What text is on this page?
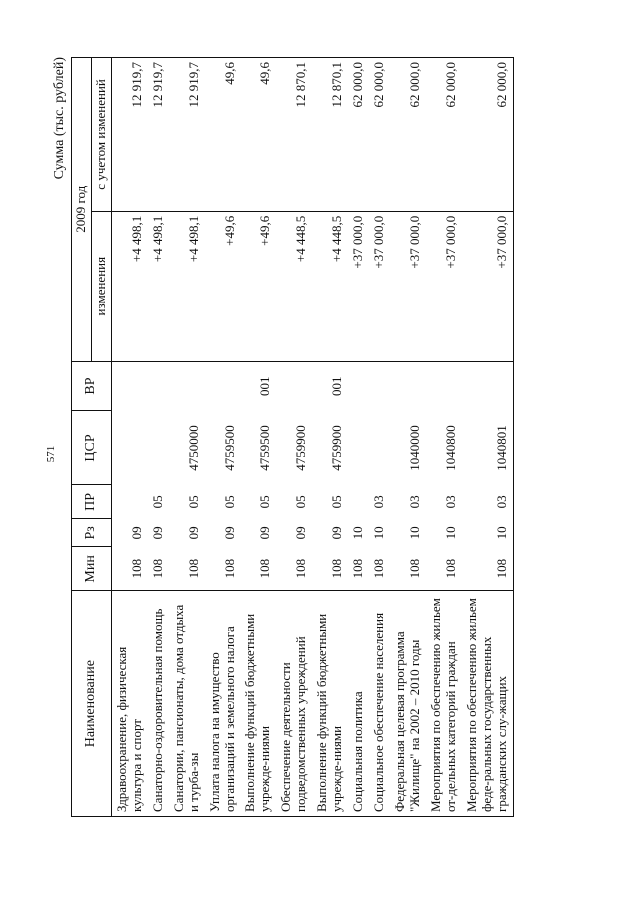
571
Сумма (тыс. рублей)
Наименование	Мин	Рз	ПР	ЦСР	ВР	2009 год	
						изменения	с учетом изменений

Здравоохранение, физическая культура и спорт	108	09				+4 498,1	12 919,7
Санаторно-оздоровительная помощь	108	09	05			+4 498,1	12 919,7
Санатории, пансионаты, дома отдыха и турба-зы	108	09	05	4750000		+4 498,1	12 919,7
Уплата налога на имущество организаций и земельного налога	108	09	05	4759500		+49,6	49,6
Выполнение функций бюджетными учрежде-ниями	108	09	05	4759500	001	+49,6	49,6
Обеспечение деятельности подведомственных учреждений	108	09	05	4759900		+4 448,5	12 870,1
Выполнение функций бюджетными учрежде-ниями	108	09	05	4759900	001	+4 448,5	12 870,1
Социальная политика	108	10				+37 000,0	62 000,0
Социальное обеспечение населения	108	10	03			+37 000,0	62 000,0
Федеральная целевая программа "Жилище" на 2002 – 2010 годы	108	10	03	1040000		+37 000,0	62 000,0
Мероприятия по обеспечению жильем от-дельных категорий граждан	108	10	03	1040800		+37 000,0	62 000,0
Мероприятия по обеспечению жильем феде-ральных государственных гражданских слу-жащих	108	10	03	1040801		+37 000,0	62 000,0
